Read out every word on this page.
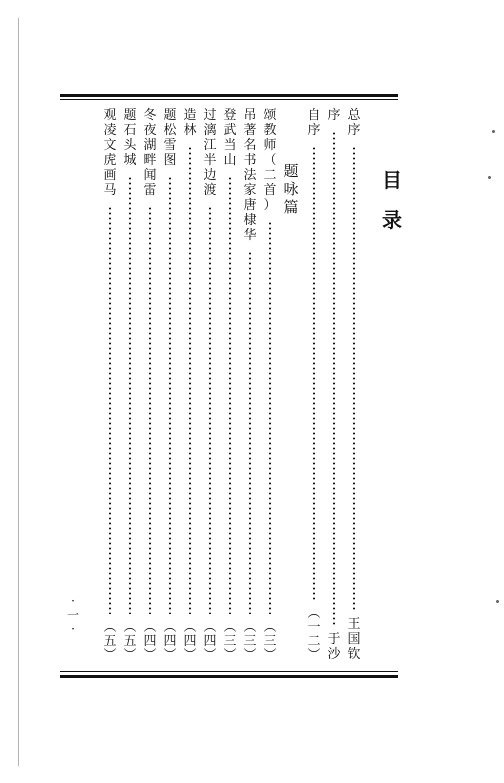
目
录
题
咏
篇
总
序
王
国
钦
序
于
沙
自
序
︵
一
二
︶
颂
教
师
（
二
首
）
︵
三
︶
吊
著
名
书
法
家
唐
棣
华
︵
三
︶
登
武
当
山
︵
三
︶
过
漓
江
半
边
渡
︵
四
︶
造
林
︵
四
︶
题
松
雪
图
︵
四
︶
冬
夜
湖
畔
闻
雷
︵
四
︶
题
石
头
城
︵
五
︶
观
凌
文
虎
画
马
︵
五
︶
·
一
·
